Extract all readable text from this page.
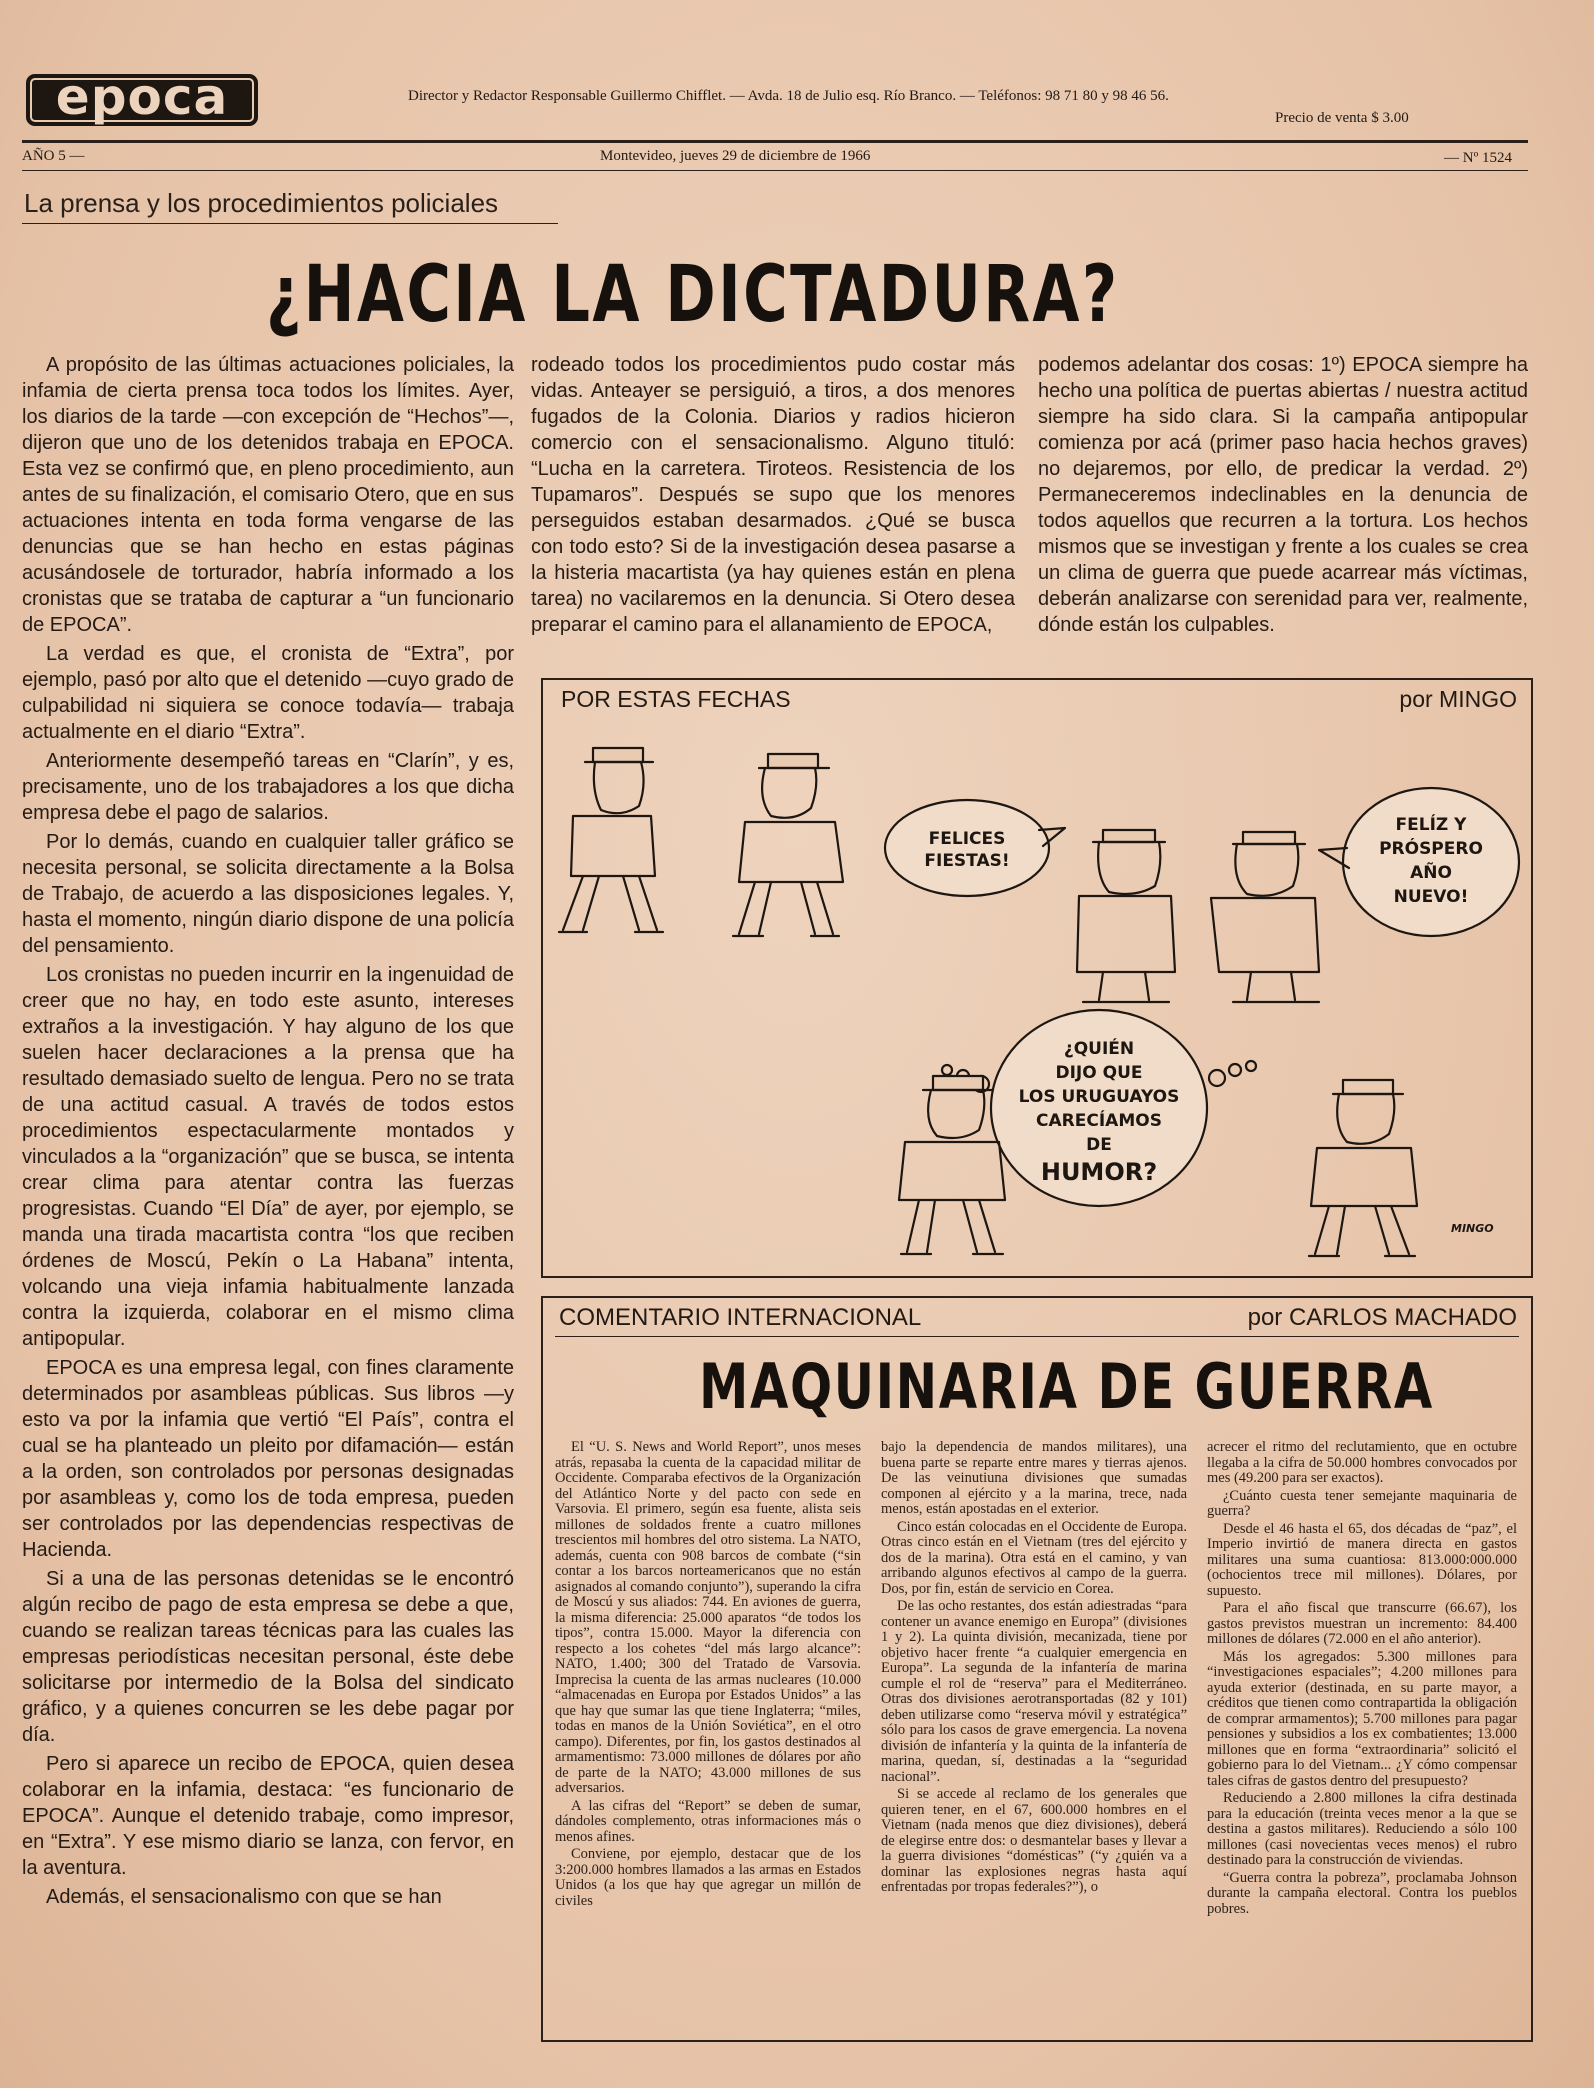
epoca	Director y Redactor Responsable Guillermo Chifflet. — Avda. 18 de Julio esq. Río Branco. — Teléfonos: 98 71 80 y 98 46 56.
Precio de venta $ 3.00
AÑO 5 —	Montevideo, jueves 29 de diciembre de 1966	— Nº 1524
La prensa y los procedimientos policiales
¿HACIA LA DICTADURA?

A propósito de las últimas actuaciones policiales, la infamia de cierta prensa toca todos los límites. Ayer, los diarios de la tarde —con excepción de “Hechos”—, dijeron que uno de los detenidos trabaja en EPOCA. Esta vez se confirmó que, en pleno procedimiento, aun antes de su finalización, el comisario Otero, que en sus actuaciones intenta en toda forma vengarse de las denuncias que se han hecho en estas páginas acusándosele de torturador, habría informado a los cronistas que se trataba de capturar a “un funcionario de EPOCA”.

La verdad es que, el cronista de “Extra”, por ejemplo, pasó por alto que el detenido —cuyo grado de culpabilidad ni siquiera se conoce todavía— trabaja actualmente en el diario “Extra”.

Anteriormente desempeñó tareas en “Clarín”, y es, precisamente, uno de los trabajadores a los que dicha empresa debe el pago de salarios.

Por lo demás, cuando en cualquier taller gráfico se necesita personal, se solicita directamente a la Bolsa de Trabajo, de acuerdo a las disposiciones legales. Y, hasta el momento, ningún diario dispone de una policía del pensamiento.

Los cronistas no pueden incurrir en la ingenuidad de creer que no hay, en todo este asunto, intereses extraños a la investigación. Y hay alguno de los que suelen hacer declaraciones a la prensa que ha resultado demasiado suelto de lengua. Pero no se trata de una actitud casual. A través de todos estos procedimientos espectacularmente montados y vinculados a la “organización” que se busca, se intenta crear clima para atentar contra las fuerzas progresistas. Cuando “El Día” de ayer, por ejemplo, se manda una tirada macartista contra “los que reciben órdenes de Moscú, Pekín o La Habana” intenta, volcando una vieja infamia habitualmente lanzada contra la izquierda, colaborar en el mismo clima antipopular.

EPOCA es una empresa legal, con fines claramente determinados por asambleas públicas. Sus libros —y esto va por la infamia que vertió “El País”, contra el cual se ha planteado un pleito por difamación— están a la orden, son controlados por personas designadas por asambleas y, como los de toda empresa, pueden ser controlados por las dependencias respectivas de Hacienda.

Si a una de las personas detenidas se le encontró algún recibo de pago de esta empresa se debe a que, cuando se realizan tareas técnicas para las cuales las empresas periodísticas necesitan personal, éste debe solicitarse por intermedio de la Bolsa del sindicato gráfico, y a quienes concurren se les debe pagar por día.

Pero si aparece un recibo de EPOCA, quien desea colaborar en la infamia, destaca: “es funcionario de EPOCA”. Aunque el detenido trabaje, como impresor, en “Extra”. Y ese mismo diario se lanza, con fervor, en la aventura.

Además, el sensacionalismo con que se han

rodeado todos los procedimientos pudo costar más vidas. Anteayer se persiguió, a tiros, a dos menores fugados de la Colonia. Diarios y radios hicieron comercio con el sensacionalismo. Alguno tituló: “Lucha en la carretera. Tiroteos. Resistencia de los Tupamaros”. Después se supo que los menores perseguidos estaban desarmados. ¿Qué se busca con todo esto? Si de la investigación desea pasarse a la histeria macartista (ya hay quienes están en plena tarea) no vacilaremos en la denuncia. Si Otero desea preparar el camino para el allanamiento de EPOCA,

podemos adelantar dos cosas: 1º) EPOCA siempre ha hecho una política de puertas abiertas / nuestra actitud siempre ha sido clara. Si la campaña antipopular comienza por acá (primer paso hacia hechos graves) no dejaremos, por ello, de predicar la verdad. 2º) Permaneceremos indeclinables en la denuncia de todos aquellos que recurren a la tortura. Los hechos mismos que se investigan y frente a los cuales se crea un clima de guerra que puede acarrear más víctimas, deberán analizarse con serenidad para ver, realmente, dónde están los culpables.

FELICES
FIESTAS!
FELÍZ Y
PRÓSPERO
AÑO
NUEVO!
¿QUIÉN
DIJO QUE
LOS URUGUAYOS
CARECÍAMOS
DE
HUMOR?
MINGO
POR ESTAS FECHAS	por MINGO
COMENTARIO INTERNACIONAL	por CARLOS MACHADO
MAQUINARIA DE GUERRA

El “U. S. News and World Report”, unos meses atrás, repasaba la cuenta de la capacidad militar de Occidente. Comparaba efectivos de la Organización del Atlántico Norte y del pacto con sede en Varsovia. El primero, según esa fuente, alista seis millones de soldados frente a cuatro millones trescientos mil hombres del otro sistema. La NATO, además, cuenta con 908 barcos de combate (“sin contar a los barcos norteamericanos que no están asignados al comando conjunto”), superando la cifra de Moscú y sus aliados: 744. En aviones de guerra, la misma diferencia: 25.000 aparatos “de todos los tipos”, contra 15.000. Mayor la diferencia con respecto a los cohetes “del más largo alcance”: NATO, 1.400; 300 del Tratado de Varsovia. Imprecisa la cuenta de las armas nucleares (10.000 “almacenadas en Europa por Estados Unidos” a las que hay que sumar las que tiene Inglaterra; “miles, todas en manos de la Unión Soviética”, en el otro campo). Diferentes, por fin, los gastos destinados al armamentismo: 73.000 millones de dólares por año de parte de la NATO; 43.000 millones de sus adversarios.

A las cifras del “Report” se deben de sumar, dándoles complemento, otras informaciones más o menos afines.

Conviene, por ejemplo, destacar que de los 3:200.000 hombres llamados a las armas en Estados Unidos (a los que hay que agregar un millón de civiles

bajo la dependencia de mandos militares), una buena parte se reparte entre mares y tierras ajenos. De las veinutiuna divisiones que sumadas componen al ejército y a la marina, trece, nada menos, están apostadas en el exterior.

Cinco están colocadas en el Occidente de Europa. Otras cinco están en el Vietnam (tres del ejército y dos de la marina). Otra está en el camino, y van arribando algunos efectivos al campo de la guerra. Dos, por fin, están de servicio en Corea.

De las ocho restantes, dos están adiestradas “para contener un avance enemigo en Europa” (divisiones 1 y 2). La quinta división, mecanizada, tiene por objetivo hacer frente “a cualquier emergencia en Europa”. La segunda de la infantería de marina cumple el rol de “reserva” para el Mediterráneo. Otras dos divisiones aerotransportadas (82 y 101) deben utilizarse como “reserva móvil y estratégica” sólo para los casos de grave emergencia. La novena división de infantería y la quinta de la infantería de marina, quedan, sí, destinadas a la “seguridad nacional”.

Si se accede al reclamo de los generales que quieren tener, en el 67, 600.000 hombres en el Vietnam (nada menos que diez divisiones), deberá de elegirse entre dos: o desmantelar bases y llevar a la guerra divisiones “domésticas” (“y ¿quién va a dominar las explosiones negras hasta aquí enfrentadas por tropas federales?”), o

acrecer el ritmo del reclutamiento, que en octubre llegaba a la cifra de 50.000 hombres convocados por mes (49.200 para ser exactos).

¿Cuánto cuesta tener semejante maquinaria de guerra?

Desde el 46 hasta el 65, dos décadas de “paz”, el Imperio invirtió de manera directa en gastos militares una suma cuantiosa: 813.000:000.000 (ochocientos trece mil millones). Dólares, por supuesto.

Para el año fiscal que transcurre (66.67), los gastos previstos muestran un incremento: 84.400 millones de dólares (72.000 en el año anterior).

Más los agregados: 5.300 millones para “investigaciones espaciales”; 4.200 millones para ayuda exterior (destinada, en su parte mayor, a créditos que tienen como contrapartida la obligación de comprar armamentos); 5.700 millones para pagar pensiones y subsidios a los ex combatientes; 13.000 millones que en forma “extraordinaria” solicitó el gobierno para lo del Vietnam... ¿Y cómo compensar tales cifras de gastos dentro del presupuesto?

Reduciendo a 2.800 millones la cifra destinada para la educación (treinta veces menor a la que se destina a gastos militares). Reduciendo a sólo 100 millones (casi novecientas veces menos) el rubro destinado para la construcción de viviendas.

“Guerra contra la pobreza”, proclamaba Johnson durante la campaña electoral. Contra los pueblos pobres.
